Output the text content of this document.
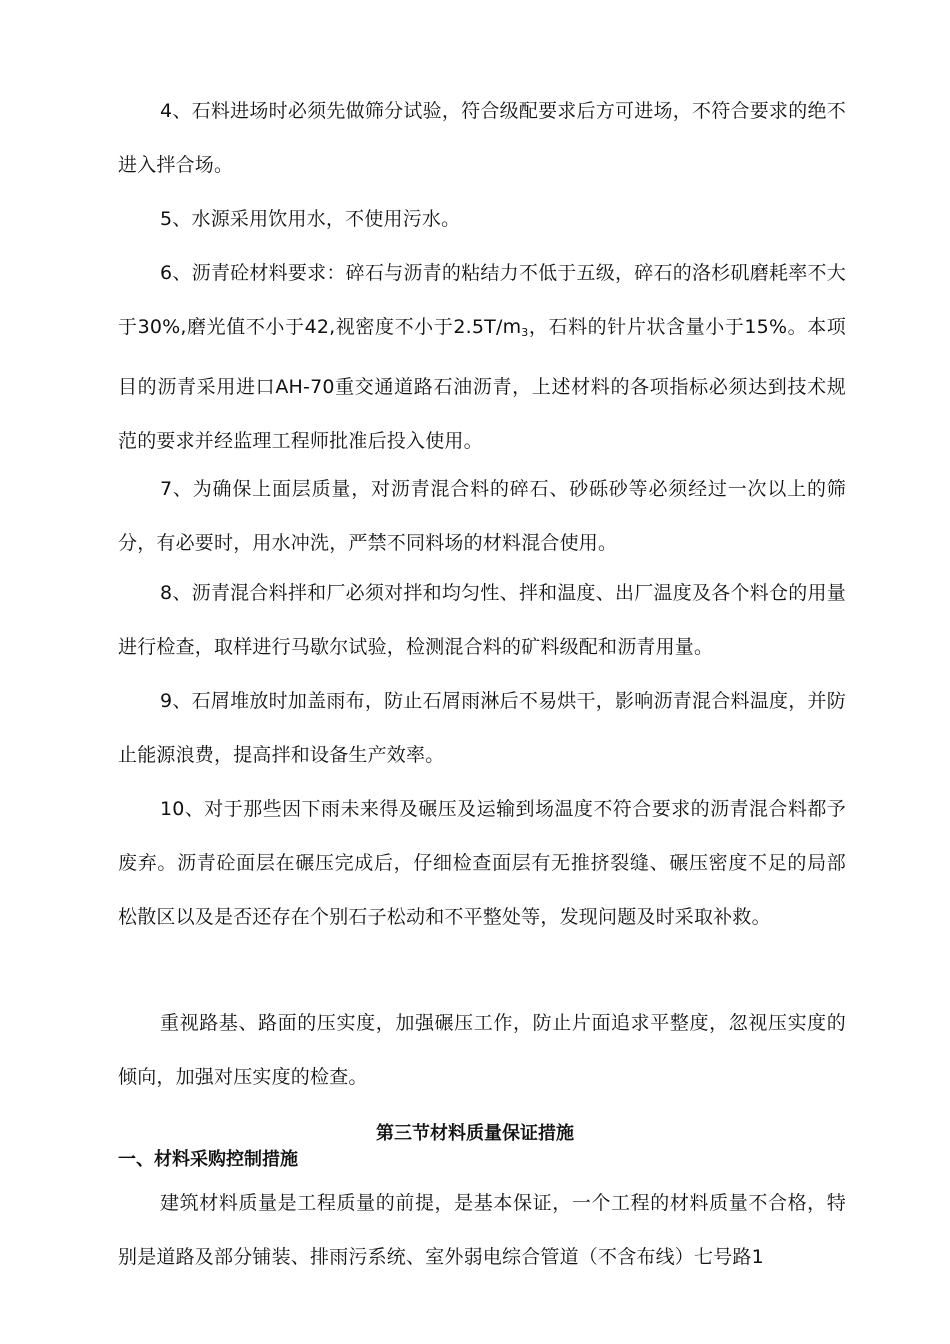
4、石料进场时必须先做筛分试验，符合级配要求后方可进场，不符合要求的绝不进入拌合场。

5、水源采用饮用水，不使用污水。

6、沥青砼材料要求：碎石与沥青的粘结力不低于五级，碎石的洛杉矶磨耗率不大于30%,磨光值不小于42,视密度不小于$2.5T/m_3$，石料的针片状含量小于15%。本项目的沥青采用进口AH-70重交通道路石油沥青，上述材料的各项指标必须达到技术规范的要求并经监理工程师批准后投入使用。

7、为确保上面层质量，对沥青混合料的碎石、砂砾砂等必须经过一次以上的筛分，有必要时，用水冲洗，严禁不同料场的材料混合使用。

8、沥青混合料拌和厂必须对拌和均匀性、拌和温度、出厂温度及各个料仓的用量进行检查，取样进行马歇尔试验，检测混合料的矿料级配和沥青用量。

9、石屑堆放时加盖雨布，防止石屑雨淋后不易烘干，影响沥青混合料温度，并防止能源浪费，提高拌和设备生产效率。

10、对于那些因下雨未来得及碾压及运输到场温度不符合要求的沥青混合料都予废弃。沥青砼面层在碾压完成后，仔细检查面层有无推挤裂缝、碾压密度不足的局部松散区以及是否还存在个别石子松动和不平整处等，发现问题及时采取补救。

重视路基、路面的压实度，加强碾压工作，防止片面追求平整度，忽视压实度的倾向，加强对压实度的检查。

第三节材料质量保证措施
一、材料采购控制措施

建筑材料质量是工程质量的前提，是基本保证，一个工程的材料质量不合格，特别是道路及部分铺装、排雨污系统、室外弱电综合管道（不含布线）七号路1
